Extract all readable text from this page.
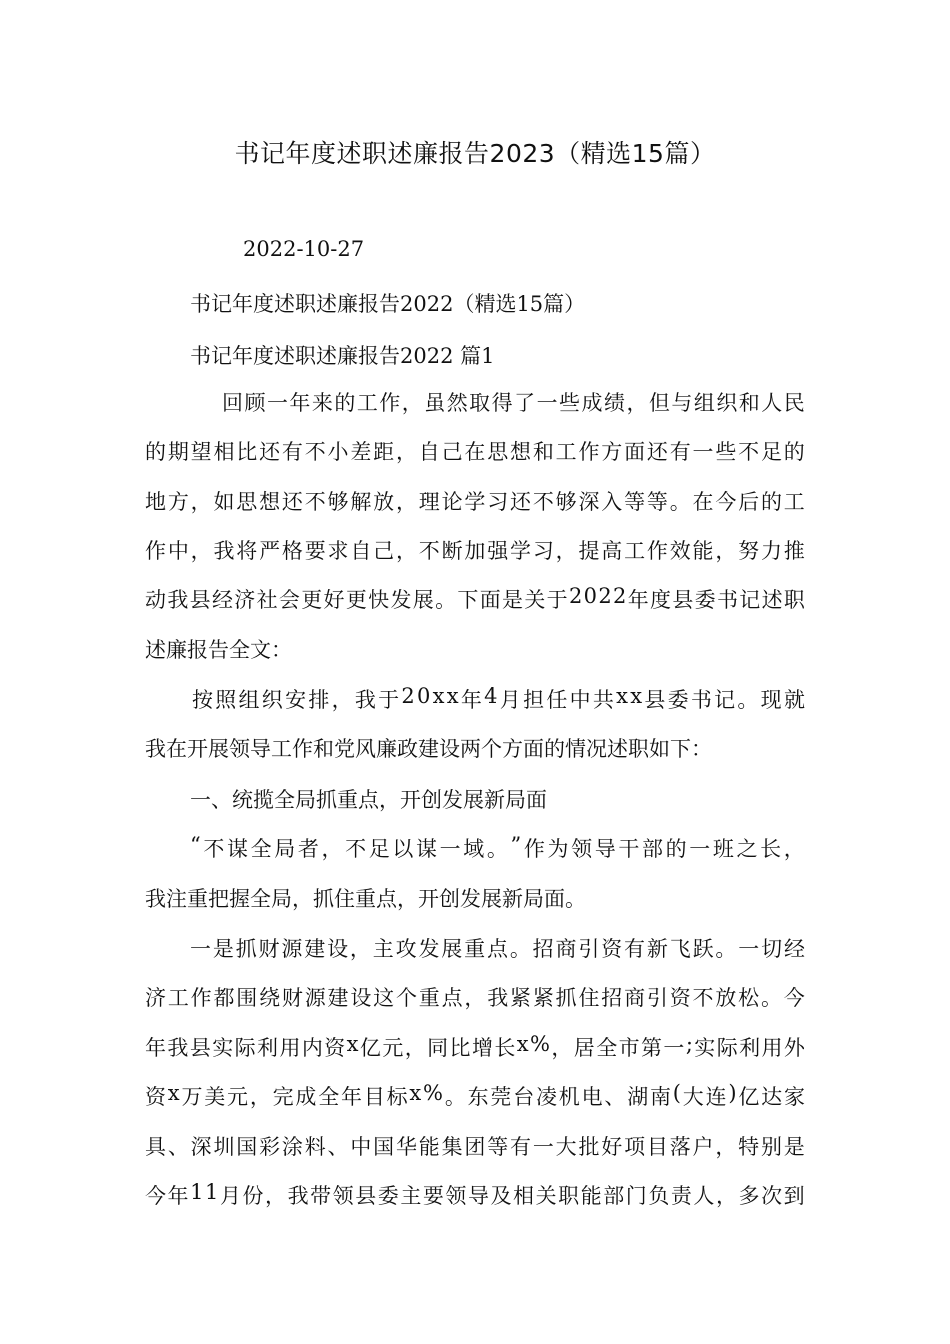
书记年度述职述廉报告2023（精选15篇）
2022-10-27
书记年度述职述廉报告2022（精选15篇）
书记年度述职述廉报告2022 篇1
回 顾 一 年 来 的 工 作 ， 虽 然 取 得 了 一 些 成 绩 ， 但 与 组 织 和 人 民
的 期 望 相 比 还 有 不 小 差 距 ， 自 己 在 思 想 和 工 作 方 面 还 有 一 些 不 足 的
地 方 ， 如 思 想 还 不 够 解 放 ， 理 论 学 习 还 不 够 深 入 等 等 。 在 今 后 的 工
作 中 ， 我 将 严 格 要 求 自 己 ， 不 断 加 强 学 习 ， 提 高 工 作 效 能 ， 努 力 推
动 我 县 经 济 社 会 更 好 更 快 发 展 。 下 面 是 关 于 2 0 2 2 年 度 县 委 书 记 述 职
述廉报告全文：
按 照 组 织 安 排 ， 我 于 2 0 x x 年 4 月 担 任 中 共 x x 县 委 书 记 。 现 就
我在开展领导工作和党风廉政建设两个方面的情况述职如下：
一、统揽全局抓重点，开创发展新局面
“ 不 谋 全 局 者 ， 不 足 以 谋 一 域 。 ” 作 为 领 导 干 部 的 一 班 之 长 ，
我注重把握全局，抓住重点，开创发展新局面。
一 是 抓 财 源 建 设 ， 主 攻 发 展 重 点 。 招 商 引 资 有 新 飞 跃 。 一 切 经
济 工 作 都 围 绕 财 源 建 设 这 个 重 点 ， 我 紧 紧 抓 住 招 商 引 资 不 放 松 。 今
年 我 县 实 际 利 用 内 资 x 亿 元 ， 同 比 增 长 x % ， 居 全 市 第 一 ; 实 际 利 用 外
资 x 万 美 元 ， 完 成 全 年 目 标 x % 。 东 莞 台 凌 机 电 、 湖 南 ( 大 连 ) 亿 达 家
具 、 深 圳 国 彩 涂 料 、 中 国 华 能 集 团 等 有 一 大 批 好 项 目 落 户 ， 特 别 是
今 年 1 1 月 份 ， 我 带 领 县 委 主 要 领 导 及 相 关 职 能 部 门 负 责 人 ， 多 次 到
